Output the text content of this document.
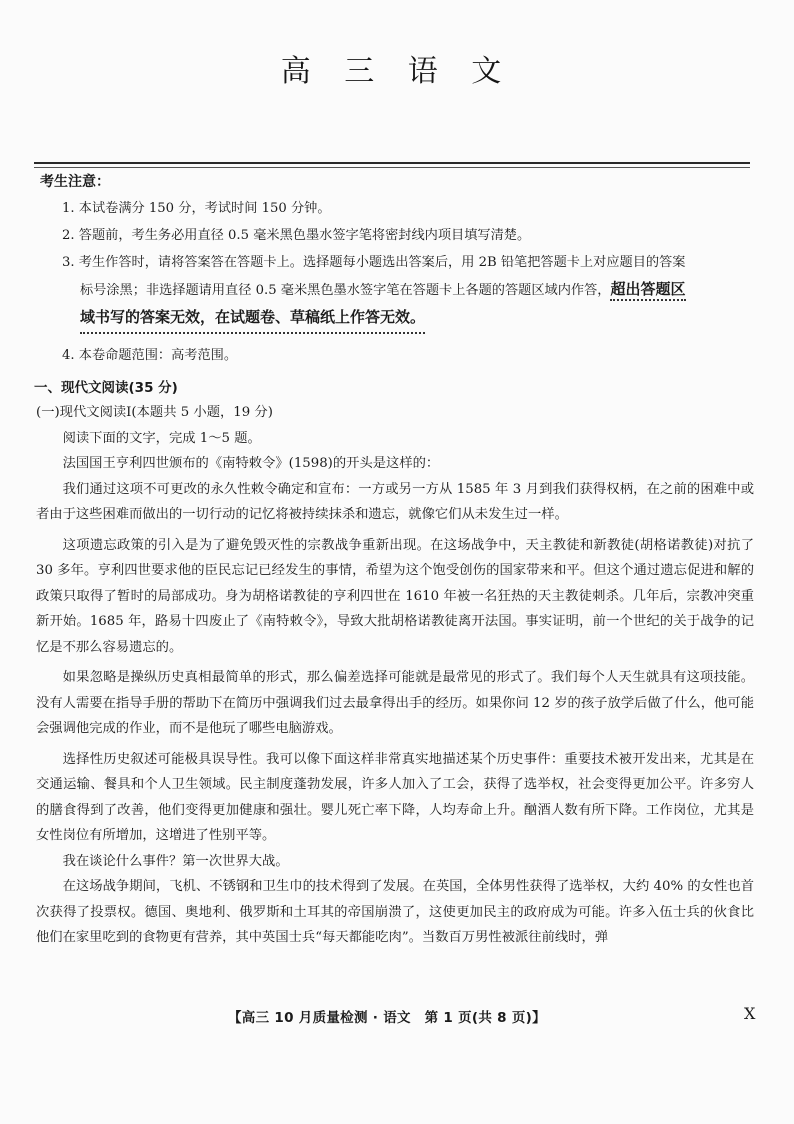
高 三 语 文
考生注意：

1. 本试卷满分 150 分，考试时间 150 分钟。

2. 答题前，考生务必用直径 0.5 毫米黑色墨水签字笔将密封线内项目填写清楚。

3. 考生作答时，请将答案答在答题卡上。选择题每小题选出答案后，用 2B 铅笔把答题卡上对应题目的答案
标号涂黑；非选择题请用直径 0.5 毫米黑色墨水签字笔在答题卡上各题的答题区域内作答，超出答题区
域书写的答案无效，在试题卷、草稿纸上作答无效。

4. 本卷命题范围：高考范围。

一、现代文阅读(35 分)

(一)现代文阅读Ⅰ(本题共 5 小题，19 分)

阅读下面的文字，完成 1～5 题。

法国国王亨利四世颁布的《南特敕令》(1598)的开头是这样的：

我们通过这项不可更改的永久性敕令确定和宣布：一方或另一方从 1585 年 3 月到我们获得权柄，在之前的困难中或者由于这些困难而做出的一切行动的记忆将被持续抹杀和遗忘，就像它们从未发生过一样。

这项遗忘政策的引入是为了避免毁灭性的宗教战争重新出现。在这场战争中，天主教徒和新教徒(胡格诺教徒)对抗了 30 多年。亨利四世要求他的臣民忘记已经发生的事情，希望为这个饱受创伤的国家带来和平。但这个通过遗忘促进和解的政策只取得了暂时的局部成功。身为胡格诺教徒的亨利四世在 1610 年被一名狂热的天主教徒刺杀。几年后，宗教冲突重新开始。1685 年，路易十四废止了《南特敕令》，导致大批胡格诺教徒离开法国。事实证明，前一个世纪的关于战争的记忆是不那么容易遗忘的。

如果忽略是操纵历史真相最简单的形式，那么偏差选择可能就是最常见的形式了。我们每个人天生就具有这项技能。没有人需要在指导手册的帮助下在简历中强调我们过去最拿得出手的经历。如果你问 12 岁的孩子放学后做了什么，他可能会强调他完成的作业，而不是他玩了哪些电脑游戏。

选择性历史叙述可能极具误导性。我可以像下面这样非常真实地描述某个历史事件：重要技术被开发出来，尤其是在交通运输、餐具和个人卫生领域。民主制度蓬勃发展，许多人加入了工会，获得了选举权，社会变得更加公平。许多穷人的膳食得到了改善，他们变得更加健康和强壮。婴儿死亡率下降，人均寿命上升。酗酒人数有所下降。工作岗位，尤其是女性岗位有所增加，这增进了性别平等。

我在谈论什么事件？第一次世界大战。

在这场战争期间，飞机、不锈钢和卫生巾的技术得到了发展。在英国，全体男性获得了选举权，大约 40% 的女性也首次获得了投票权。德国、奥地利、俄罗斯和土耳其的帝国崩溃了，这使更加民主的政府成为可能。许多入伍士兵的伙食比他们在家里吃到的食物更有营养，其中英国士兵“每天都能吃肉”。当数百万男性被派往前线时，弹

【高三 10 月质量检测 · 语文　第 1 页(共 8 页)】	X
